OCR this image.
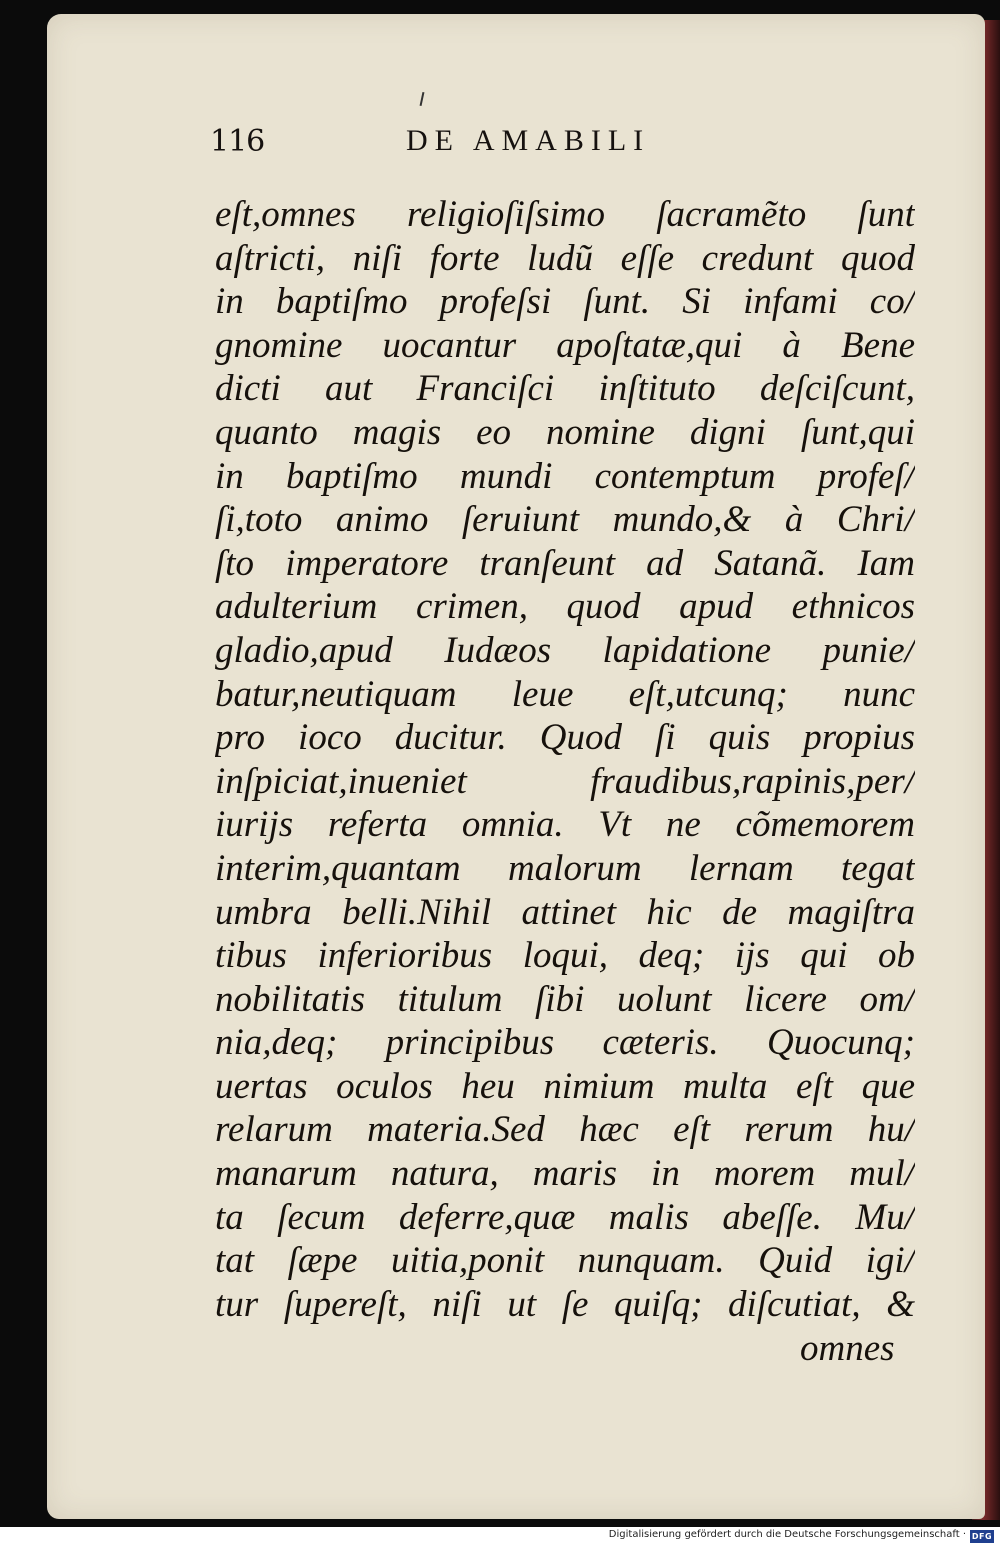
116	DE AMABILI
eſt,omnes religioſiſsimo ſacramẽto ſunt
aſtricti, niſi forte ludũ eſſe credunt quod
in baptiſmo profeſsi ſunt. Si infami co/
gnomine uocantur apoſtatæ,qui à Bene
dicti aut Franciſci inſtituto deſciſcunt,
quanto magis eo nomine digni ſunt,qui
in baptiſmo mundi contemptum profeſ/
ſi,toto animo ſeruiunt mundo,& à Chri/
ſto imperatore tranſeunt ad Satanã. Iam
adulterium crimen, quod apud ethnicos
gladio,apud Iudæos lapidatione punie/
batur,neutiquam leue eſt,utcunq; nunc
pro ioco ducitur. Quod ſi quis propius
inſpiciat,inueniet fraudibus,rapinis,per/
iurijs referta omnia. Vt ne cõmemorem
interim,quantam malorum lernam tegat
umbra belli.Nihil attinet hic de magiſtra
tibus inferioribus loqui, deq; ijs qui ob
nobilitatis titulum ſibi uolunt licere om/
nia,deq; principibus cæteris. Quocunq;
uertas oculos heu nimium multa eſt que
relarum materia.Sed hæc eſt rerum hu/
manarum natura, maris in morem mul/
ta ſecum deferre,quæ malis abeſſe. Mu/
tat ſæpe uitia,ponit nunquam. Quid igi/
tur ſupereſt, niſi ut ſe quiſq; diſcutiat, &
omnes
Digitalisierung gefördert durch die Deutsche Forschungsgemeinschaft · DFG
